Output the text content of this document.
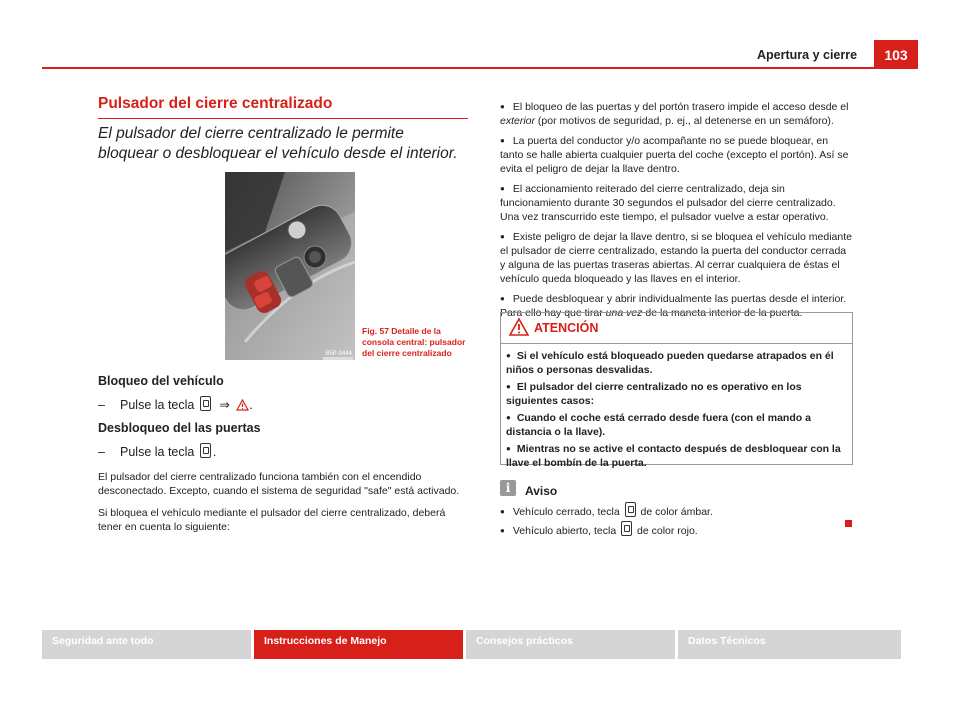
Apertura y cierre	103
Pulsador del cierre centralizado
El pulsador del cierre centralizado le permite bloquear o desbloquear el vehículo desde el interior.
B5P-0444
Fig. 57 Detalle de la consola central: pulsador del cierre centralizado
Bloqueo del vehículo
– Pulse la tecla ⇒ .
Desbloqueo del las puertas
– Pulse la tecla .
El pulsador del cierre centralizado funciona también con el encendido desconectado. Excepto, cuando el sistema de seguridad "safe" está activado.
Si bloquea el vehículo mediante el pulsador del cierre centralizado, deberá tener en cuenta lo siguiente:
● El bloqueo de las puertas y del portón trasero impide el acceso desde el exterior (por motivos de seguridad, p. ej., al detenerse en un semáforo).
● La puerta del conductor y/o acompañante no se puede bloquear, en tanto se halle abierta cualquier puerta del coche (excepto el portón). Así se evita el peligro de dejar la llave dentro.
● El accionamiento reiterado del cierre centralizado, deja sin funcionamiento durante 30 segundos el pulsador del cierre centralizado. Una vez transcurrido este tiempo, el pulsador vuelve a estar operativo.
● Existe peligro de dejar la llave dentro, si se bloquea el vehículo mediante el pulsador de cierre centralizado, estando la puerta del conductor cerrada y alguna de las puertas traseras abiertas. Al cerrar cualquiera de éstas el vehículo queda bloqueado y las llaves en el interior.
● Puede desbloquear y abrir individualmente las puertas desde el interior. Para ello hay que tirar una vez de la maneta interior de la puerta.
ATENCIÓN
● Si el vehículo está bloqueado pueden quedarse atrapados en él niños o personas desvalidas.
● El pulsador del cierre centralizado no es operativo en los siguientes casos:
● Cuando el coche está cerrado desde fuera (con el mando a distancia o la llave).
● Mientras no se active el contacto después de desbloquear con la llave el bombín de la puerta.
i	Aviso
● Vehículo cerrado, tecla de color ámbar.
● Vehículo abierto, tecla de color rojo.
Seguridad ante todo	Instrucciones de Manejo	Consejos prácticos	Datos Técnicos
